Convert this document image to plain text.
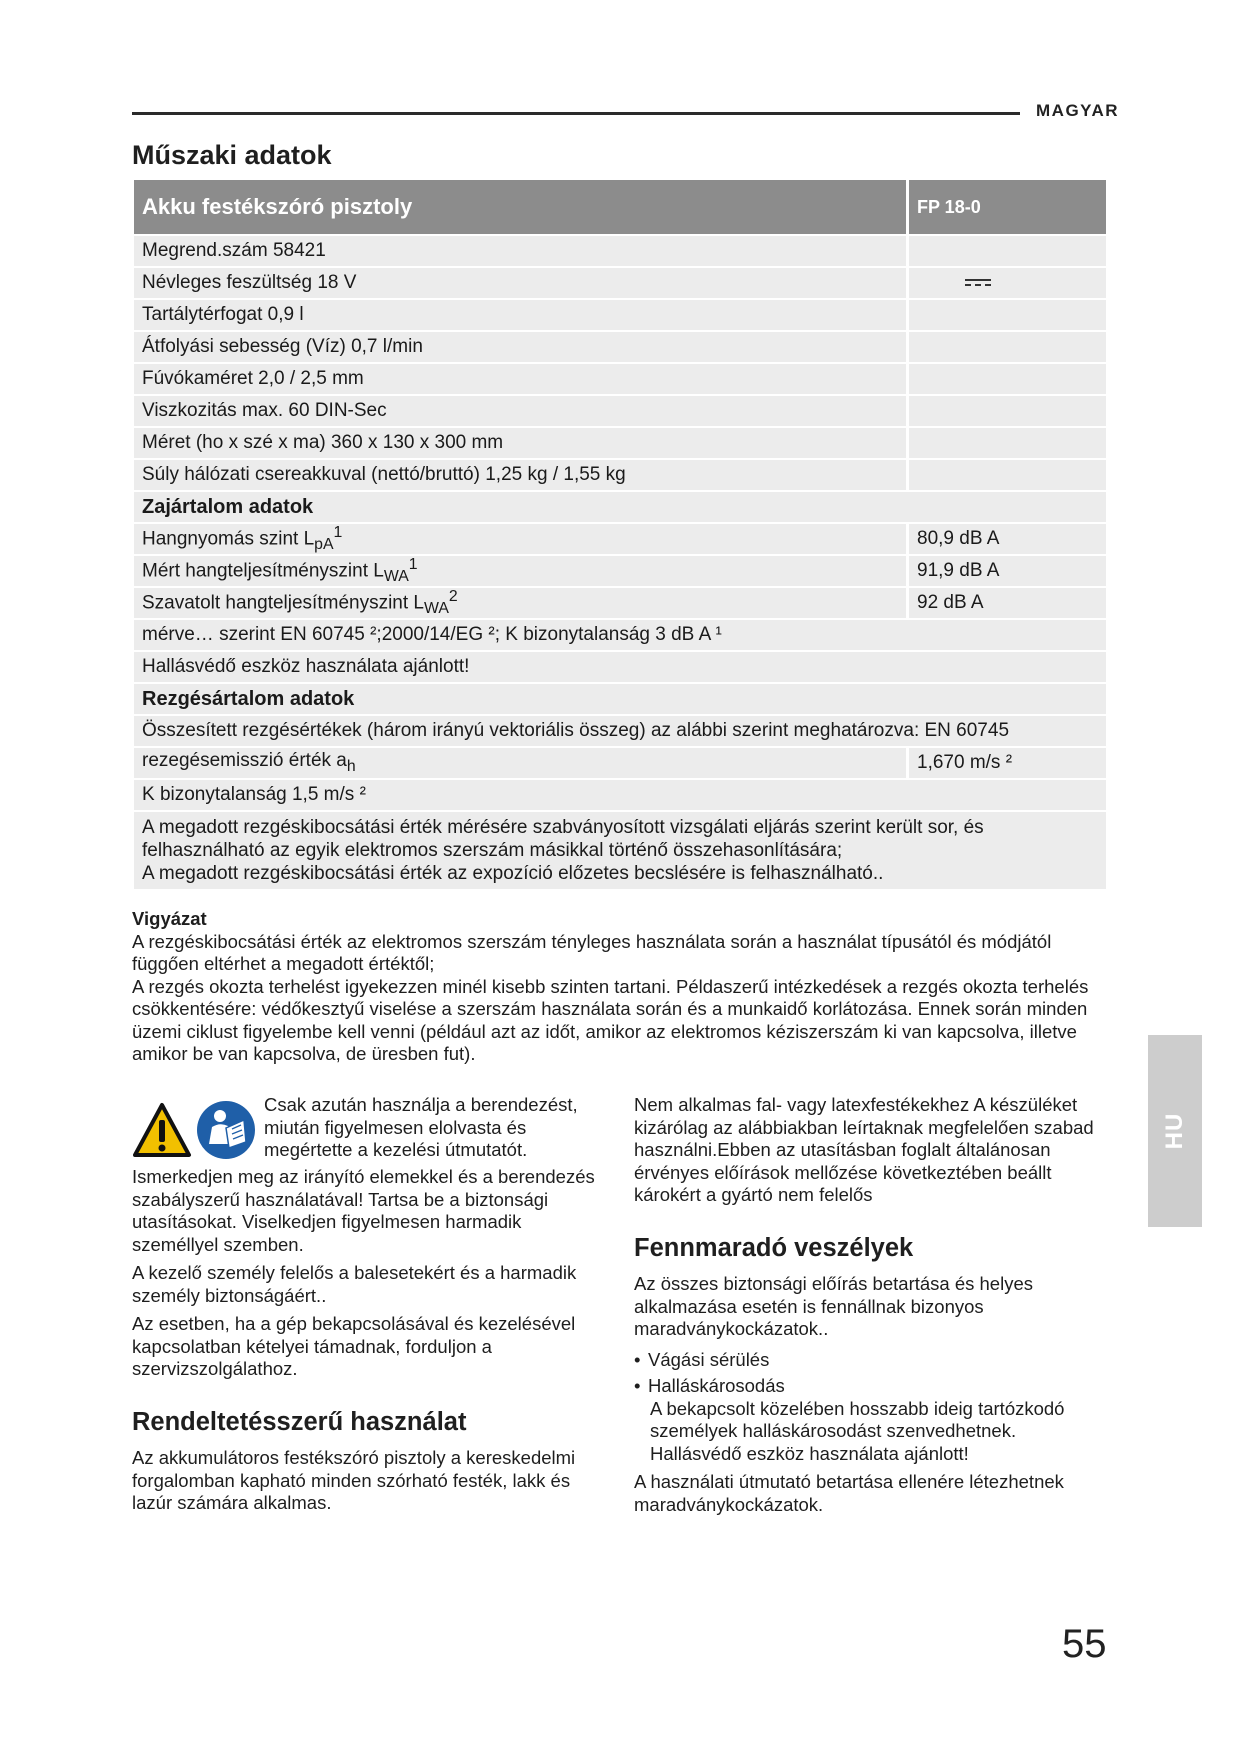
MAGYAR
Műszaki adatok
Akku festékszóró pisztoly	FP 18-0
Megrend.szám 58421	
Névleges feszültség 18 V	

Tartálytérfogat 0,9 l	
Átfolyási sebesség (Víz) 0,7 l/min	
Fúvókaméret 2,0 / 2,5 mm	
Viszkozitás max. 60 DIN-Sec	
Méret (ho x szé x ma) 360 x 130 x 300 mm	
Súly hálózati csereakkuval (nettó/bruttó) 1,25 kg / 1,55 kg	
Zajártalom adatok	
Hangnyomás szint $L_{pA}^1$	80,9 dB A
Mért hangteljesítményszint $L_{WA}^1$	91,9 dB A
Szavatolt hangteljesítményszint $L_{WA}^2$	92 dB A
mérve… szerint EN 60745 ²;2000/14/EG ²; K bizonytalanság 3 dB A ¹	
Hallásvédő eszköz használata ajánlott!	
Rezgésártalom adatok	
Összesített rezgésértékek (három irányú vektoriális összeg) az alábbi szerint meghatározva: EN 60745	
rezegésemisszió érték $a_h$	1,670 m/s ²
K bizonytalanság 1,5 m/s ²	

A megadott rezgéskibocsátási érték mérésére szabványosított vizsgálati eljárás szerint került sor, és felhasználható az egyik elektromos szerszám másikkal történő összehasonlítására;
A megadott rezgéskibocsátási érték az expozíció előzetes becslésére is felhasználható..	

Vigyázat

A rezgéskibocsátási érték az elektromos szerszám tényleges használata során a használat típusától és módjától függően eltérhet a megadott értéktől;

A rezgés okozta terhelést igyekezzen minél kisebb szinten tartani. Példaszerű intézkedések a rezgés okozta terhelés csökkentésére: védőkesztyű viselése a szerszám használata során és a munkaidő korlátozása. Ennek során minden üzemi ciklust figyelembe kell venni (például azt az időt, amikor az elektromos kéziszerszám ki van kapcsolva, illetve amikor be van kapcsolva, de üresben fut).

Csak azután használja a berendezést, miután figyelmesen elolvasta és megértette a kezelési útmutatót.

Ismerkedjen meg az irányító elemekkel és a berendezés szabályszerű használatával! Tartsa be a biztonsági utasításokat. Viselkedjen figyelmesen harmadik személlyel szemben.

A kezelő személy felelős a balesetekért és a harmadik személy biztonságáért..

Az esetben, ha a gép bekapcsolásával és kezelésével kapcsolatban kételyei támadnak, forduljon a szervizszolgálathoz.

Rendeltetésszerű használat

Az akkumulátoros festékszóró pisztoly a kereskedelmi forgalomban kapható minden szórható festék, lakk és lazúr számára alkalmas.

Nem alkalmas fal- vagy latexfestékekhez A készüléket kizárólag az alábbiakban leírtaknak megfelelően szabad használni.Ebben az utasításban foglalt általánosan érvényes előírások mellőzése következtében beállt károkért a gyártó nem felelős

Fennmaradó veszélyek

Az összes biztonsági előírás betartása és helyes alkalmazása esetén is fennállnak bizonyos maradványkockázatok..

• Vágási sérülés
• Halláskárosodás

A bekapcsolt közelében hosszabb ideig tartózkodó személyek halláskárosodást szenvedhetnek. Hallásvédő eszköz használata ajánlott!

A használati útmutató betartása ellenére létezhetnek maradványkockázatok.

HU
55
